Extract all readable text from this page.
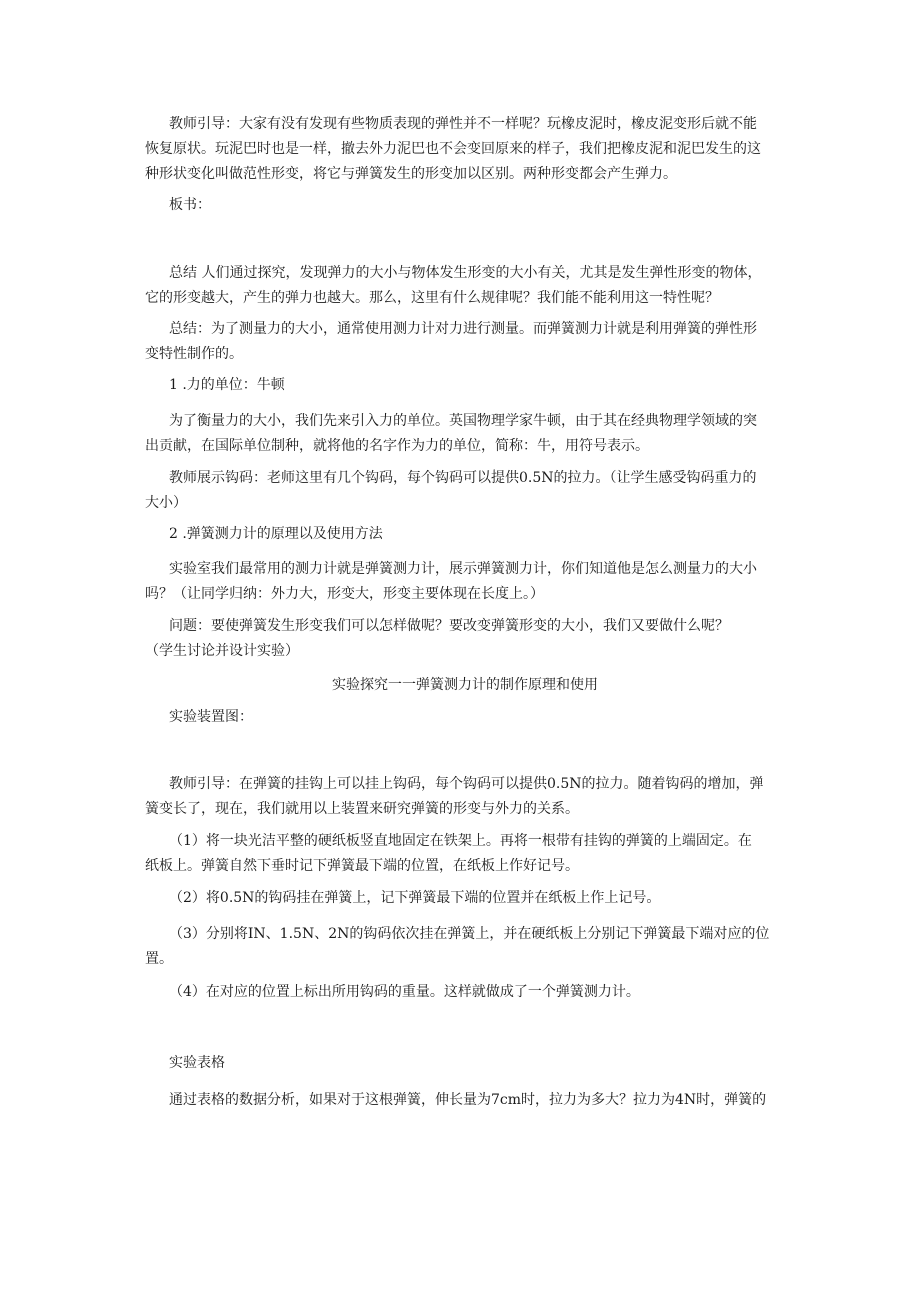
教师引导：大家有没有发现有些物质表现的弹性并不一样呢？玩橡皮泥时，橡皮泥变形后就不能
恢复原状。玩泥巴时也是一样，撤去外力泥巴也不会变回原来的样子，我们把橡皮泥和泥巴发生的这
种形状变化叫做范性形变，将它与弹簧发生的形变加以区别。两种形变都会产生弹力。
板书：
总结 人们通过探究，发现弹力的大小与物体发生形变的大小有关，尤其是发生弹性形变的物体，
它的形变越大，产生的弹力也越大。那么，这里有什么规律呢？我们能不能利用这一特性呢？
总结：为了测量力的大小，通常使用测力计对力进行测量。而弹簧测力计就是利用弹簧的弹性形
变特性制作的。
1 .力的单位：牛顿
为了衡量力的大小，我们先来引入力的单位。英国物理学家牛顿，由于其在经典物理学领域的突
出贡献，在国际单位制种，就将他的名字作为力的单位，简称：牛，用符号表示。
教师展示钩码：老师这里有几个钩码，每个钩码可以提供0.5N的拉力。（让学生感受钩码重力的
大小）
2 .弹簧测力计的原理以及使用方法
实验室我们最常用的测力计就是弹簧测力计，展示弹簧测力计，你们知道他是怎么测量力的大小
吗？（让同学归纳：外力大，形变大，形变主要体现在长度上。）
问题：要使弹簧发生形变我们可以怎样做呢？要改变弹簧形变的大小，我们又要做什么呢？
（学生讨论并设计实验）
实验探究一一弹簧测力计的制作原理和使用
实验装置图：
教师引导：在弹簧的挂钩上可以挂上钩码，每个钩码可以提供0.5N的拉力。随着钩码的增加，弹
簧变长了，现在，我们就用以上装置来研究弹簧的形变与外力的关系。
（1）将一块光洁平整的硬纸板竖直地固定在铁架上。再将一根带有挂钩的弹簧的上端固定。在
纸板上。弹簧自然下垂时记下弹簧最下端的位置，在纸板上作好记号。
（2）将0.5N的钩码挂在弹簧上，记下弹簧最下端的位置并在纸板上作上记号。
（3）分别将IN、1.5N、2N的钩码依次挂在弹簧上，并在硬纸板上分别记下弹簧最下端对应的位
置。
（4）在对应的位置上标出所用钩码的重量。这样就做成了一个弹簧测力计。
实验表格
通过表格的数据分析，如果对于这根弹簧，伸长量为7cm时，拉力为多大？拉力为4N时，弹簧的
